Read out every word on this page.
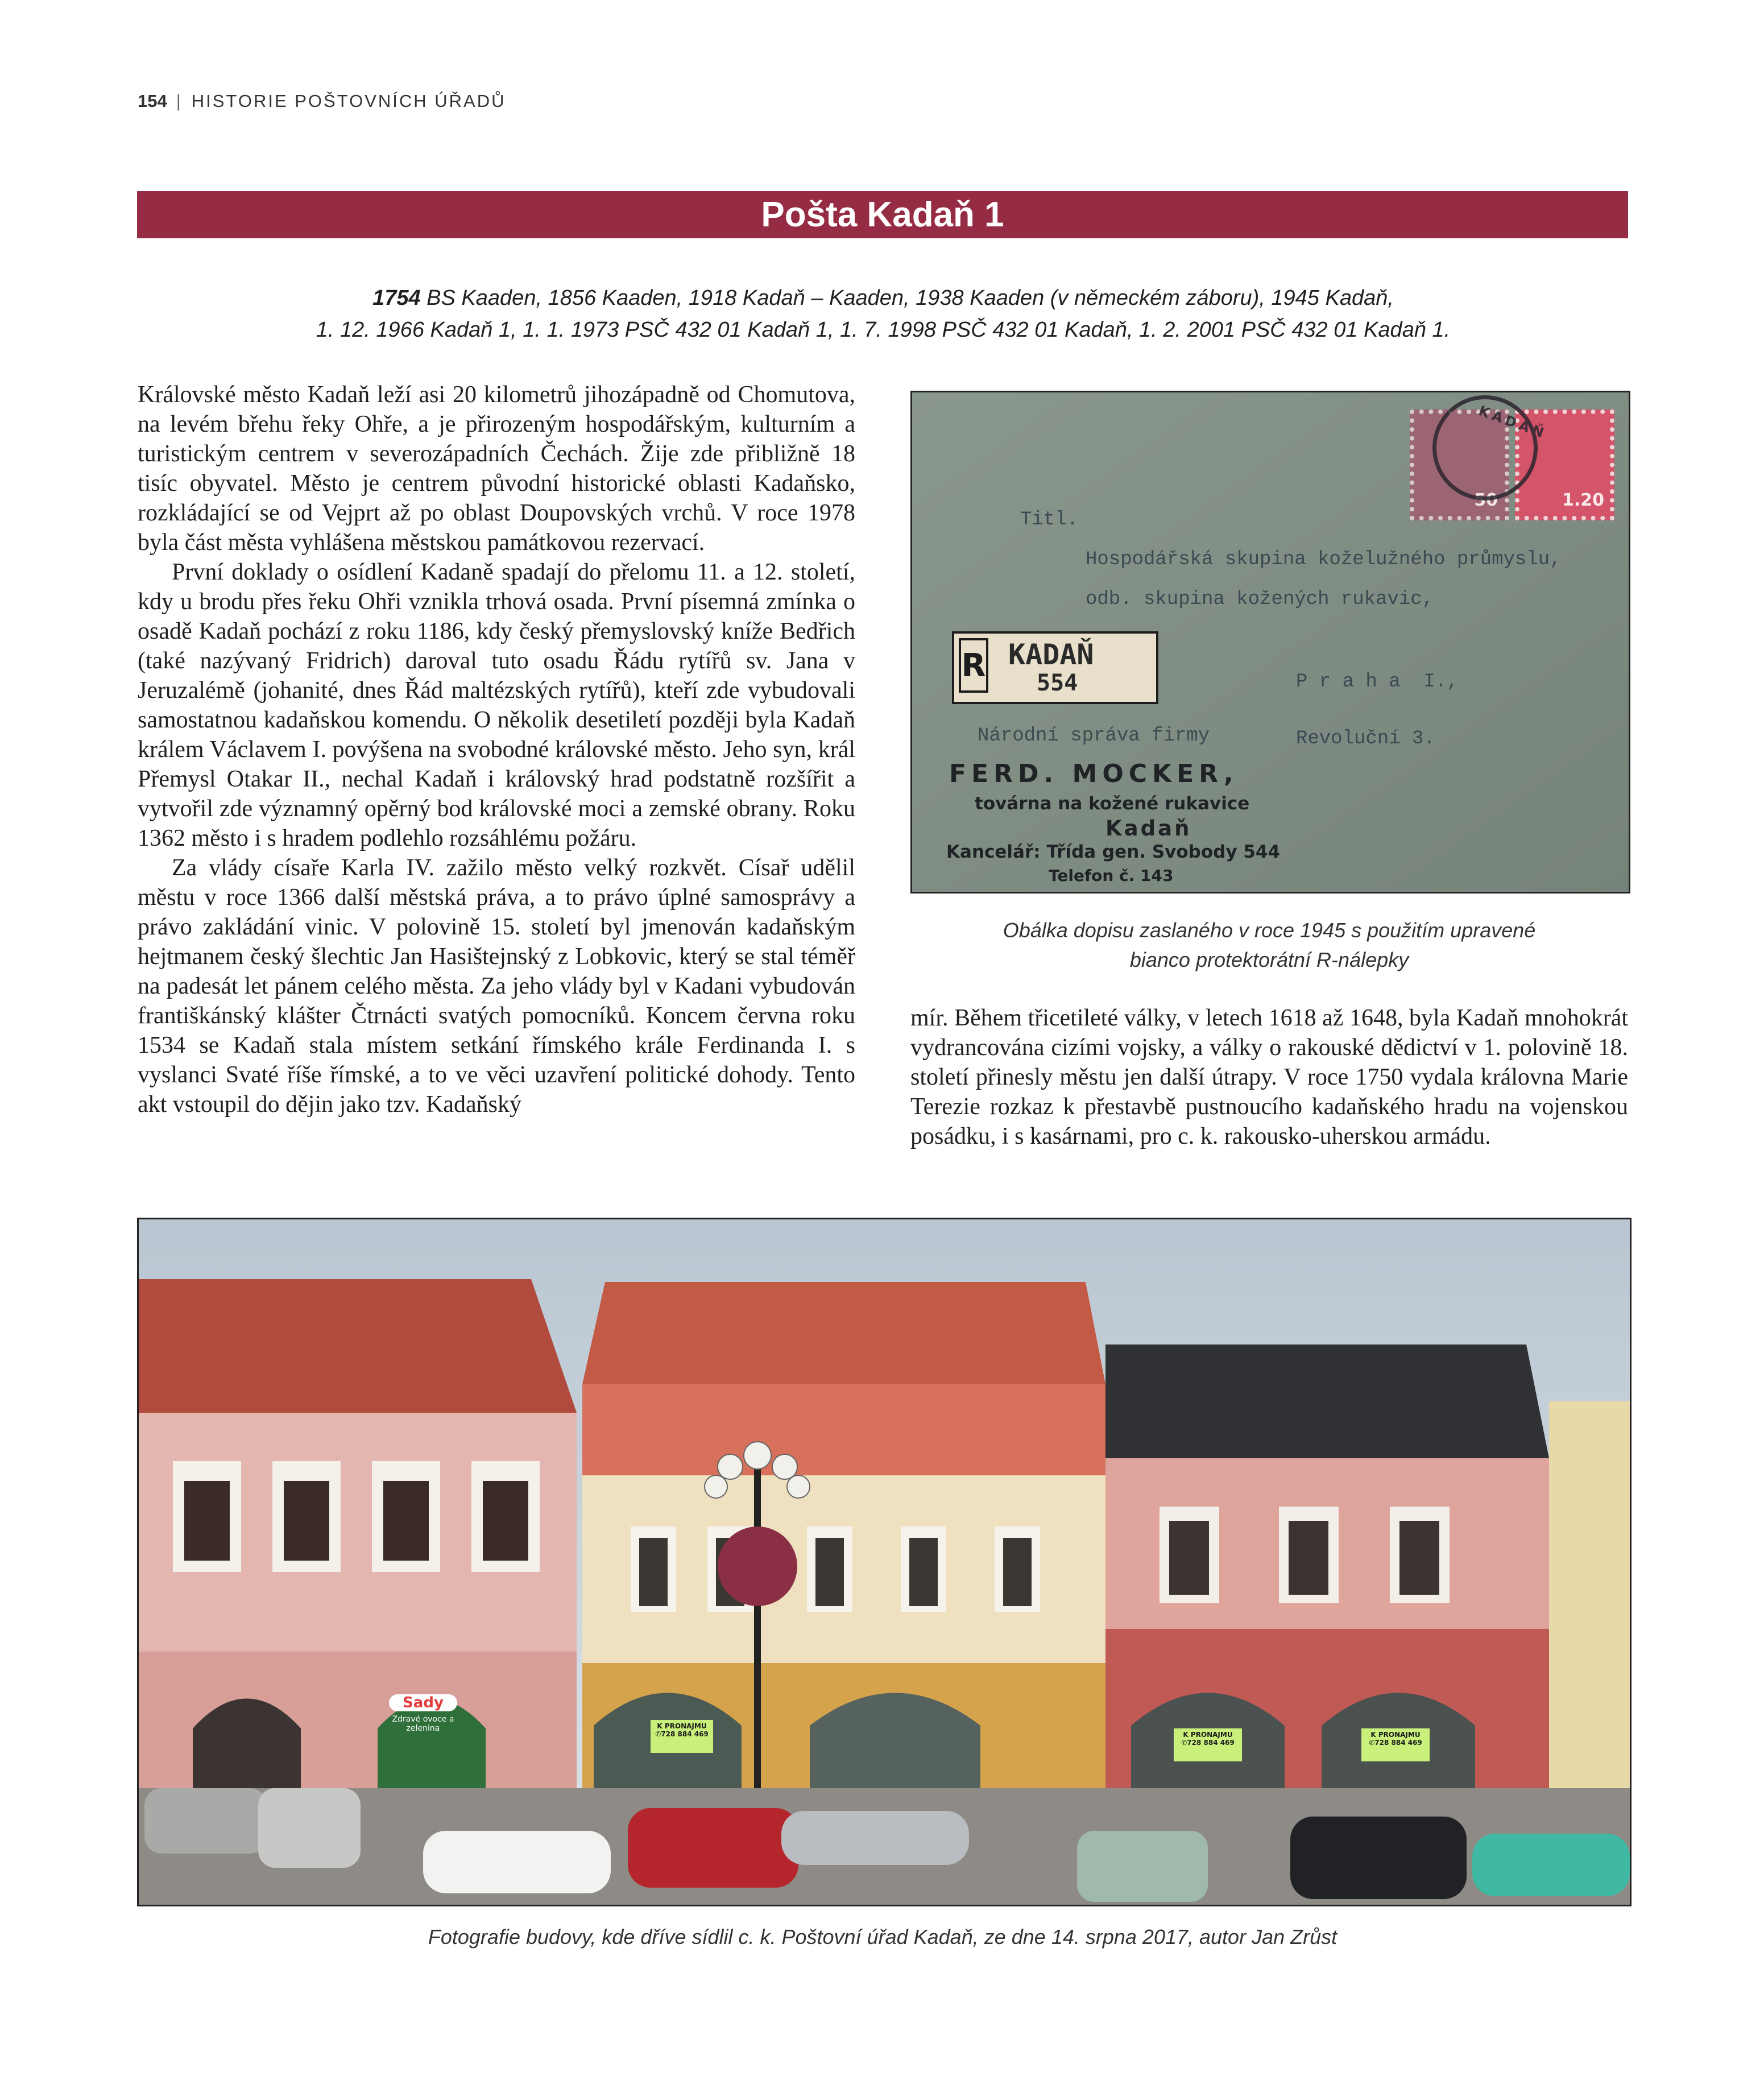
154 | HISTORIE POŠTOVNÍCH ÚŘADŮ
Pošta Kadaň 1
1754 BS Kaaden, 1856 Kaaden, 1918 Kadaň – Kaaden, 1938 Kaaden (v německém záboru), 1945 Kadaň,
1. 12. 1966 Kadaň 1, 1. 1. 1973 PSČ 432 01 Kadaň 1, 1. 7. 1998 PSČ 432 01 Kadaň, 1. 2. 2001 PSČ 432 01 Kadaň 1.

Královské město Kadaň leží asi 20 kilometrů jihozápadně od Chomutova, na levém břehu řeky Ohře, a je přirozeným hospodářským, kulturním a turistickým centrem v severozápadních Čechách. Žije zde přibližně 18 tisíc obyvatel. Město je centrem původní historické oblasti Kadaňsko, rozkládající se od Vejprt až po oblast Doupovských vrchů. V roce 1978 byla část města vyhlášena městskou památkovou rezervací.

První doklady o osídlení Kadaně spadají do přelomu 11. a 12. století, kdy u brodu přes řeku Ohři vznikla trhová osada. První písemná zmínka o osadě Kadaň pochází z roku 1186, kdy český přemyslovský kníže Bedřich (také nazývaný Fridrich) daroval tuto osadu Řádu rytířů sv. Jana v Jeruzalémě (johanité, dnes Řád maltézských rytířů), kteří zde vybudovali samostatnou kadaňskou komendu. O několik desetiletí později byla Kadaň králem Václavem I. povýšena na svobodné královské město. Jeho syn, král Přemysl Otakar II., nechal Kadaň i královský hrad podstatně rozšířit a vytvořil zde významný opěrný bod královské moci a zemské obrany. Roku 1362 město i s hradem podlehlo rozsáhlému požáru.

Za vlády císaře Karla IV. zažilo město velký rozkvět. Císař udělil městu v roce 1366 další městská práva, a to právo úplné samosprávy a právo zakládání vinic. V polovině 15. století byl jmenován kadaňským hejtmanem český šlechtic Jan Hasištejnský z Lobkovic, který se stal téměř na padesát let pánem celého města. Za jeho vlády byl v Kadani vybudován františkánský klášter Čtrnácti svatých pomocníků. Koncem června roku 1534 se Kadaň stala místem setkání římského krále Ferdinanda I. s vyslanci Svaté říše římské, a to ve věci uzavření politické dohody. Tento akt vstoupil do dějin jako tzv. Kadaňský

50	1.20
KADAŇ
Titl.
Hospodářská skupina koželužného průmyslu,
odb. skupina kožených rukavic,
P r a h a  I.,
Revoluční 3.
R KADAŇ
554
Národní správa firmy
FERD. MOCKER,
továrna na kožené rukavice
Kadaň
Kancelář: Třída gen. Svobody 544
Telefon č. 143
Obálka dopisu zaslaného v roce 1945 s použitím upravené
bianco protektorátní R-nálepky

mír. Během třicetileté války, v letech 1618 až 1648, byla Kadaň mnohokrát vydrancována cizími vojsky, a války o rakouské dědictví v 1. polovině 18. století přinesly městu jen další útrapy. V roce 1750 vydala královna Marie Terezie rozkaz k přestavbě pustnoucího kadaňského hradu na vojenskou posádku, i s kasárnami, pro c. k. rakousko-uherskou armádu.

Sady
Zdravé ovoce a zelenina	K PRONAJMU
✆728 884 469	K PRONAJMU
✆728 884 469
K PRONAJMU
✆728 884 469
Fotografie budovy, kde dříve sídlil c. k. Poštovní úřad Kadaň, ze dne 14. srpna 2017, autor Jan Zrůst
